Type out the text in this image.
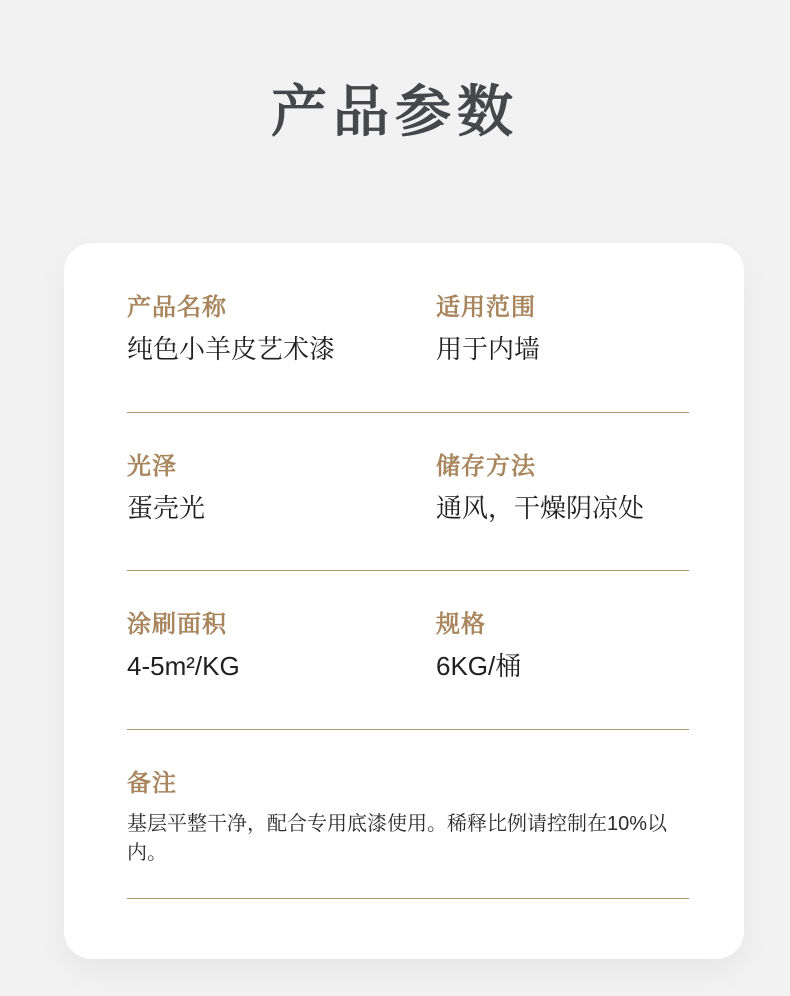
产品参数
产品名称
纯色小羊皮艺术漆
适用范围
用于内墙
光泽
蛋壳光
储存方法
通风，干燥阴凉处
涂刷面积
4-5m²/KG
规格
6KG/桶
备注
基层平整干净，配合专用底漆使用。稀释比例请控制在10%以内。
